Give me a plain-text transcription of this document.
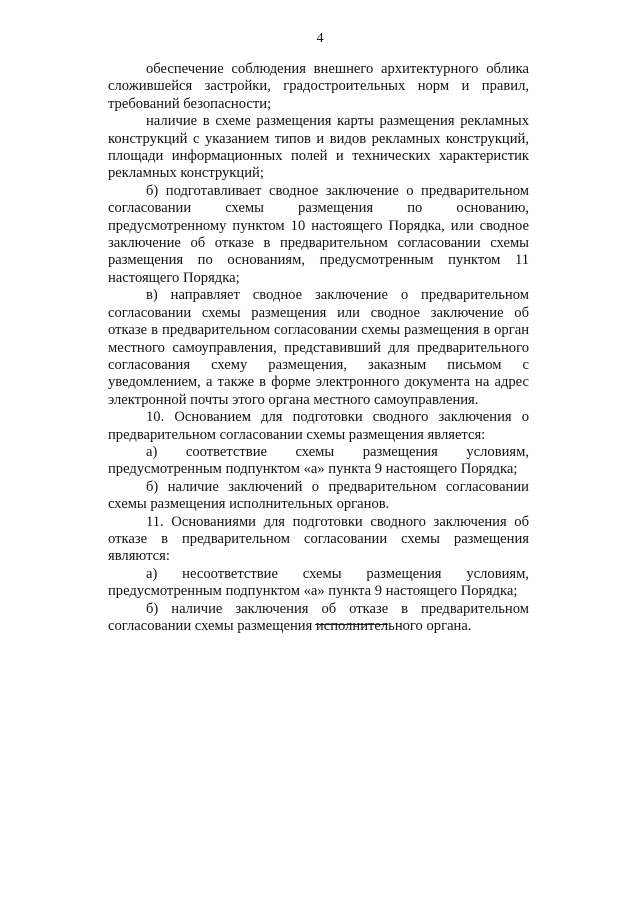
4

обеспечение соблюдения внешнего архитектурного облика сложившейся застройки, градостроительных норм и правил, требований безопасности;

наличие в схеме размещения карты размещения рекламных конструкций с указанием типов и видов рекламных конструкций, площади информационных полей и технических характеристик рекламных конструкций;

б) подготавливает сводное заключение о предварительном согласовании схемы размещения по основанию, предусмотренному пунктом 10 настоящего Порядка, или сводное заключение об отказе в предварительном согласовании схемы размещения по основаниям, предусмотренным пунктом 11 настоящего Порядка;

в) направляет сводное заключение о предварительном согласовании схемы размещения или сводное заключение об отказе в предварительном согласовании схемы размещения в орган местного самоуправления, представивший для предварительного согласования схему размещения, заказным письмом с уведомлением, а также в форме электронного документа на адрес электронной почты этого органа местного самоуправления.

10. Основанием для подготовки сводного заключения о предварительном согласовании схемы размещения является:

а) соответствие схемы размещения условиям, предусмотренным подпунктом «а» пункта 9 настоящего Порядка;

б) наличие заключений о предварительном согласовании схемы размещения исполнительных органов.

11. Основаниями для подготовки сводного заключения об отказе в предварительном согласовании схемы размещения являются:

а) несоответствие схемы размещения условиям, предусмотренным подпунктом «а» пункта 9 настоящего Порядка;

б) наличие заключения об отказе в предварительном согласовании схемы размещения исполнительного органа.
